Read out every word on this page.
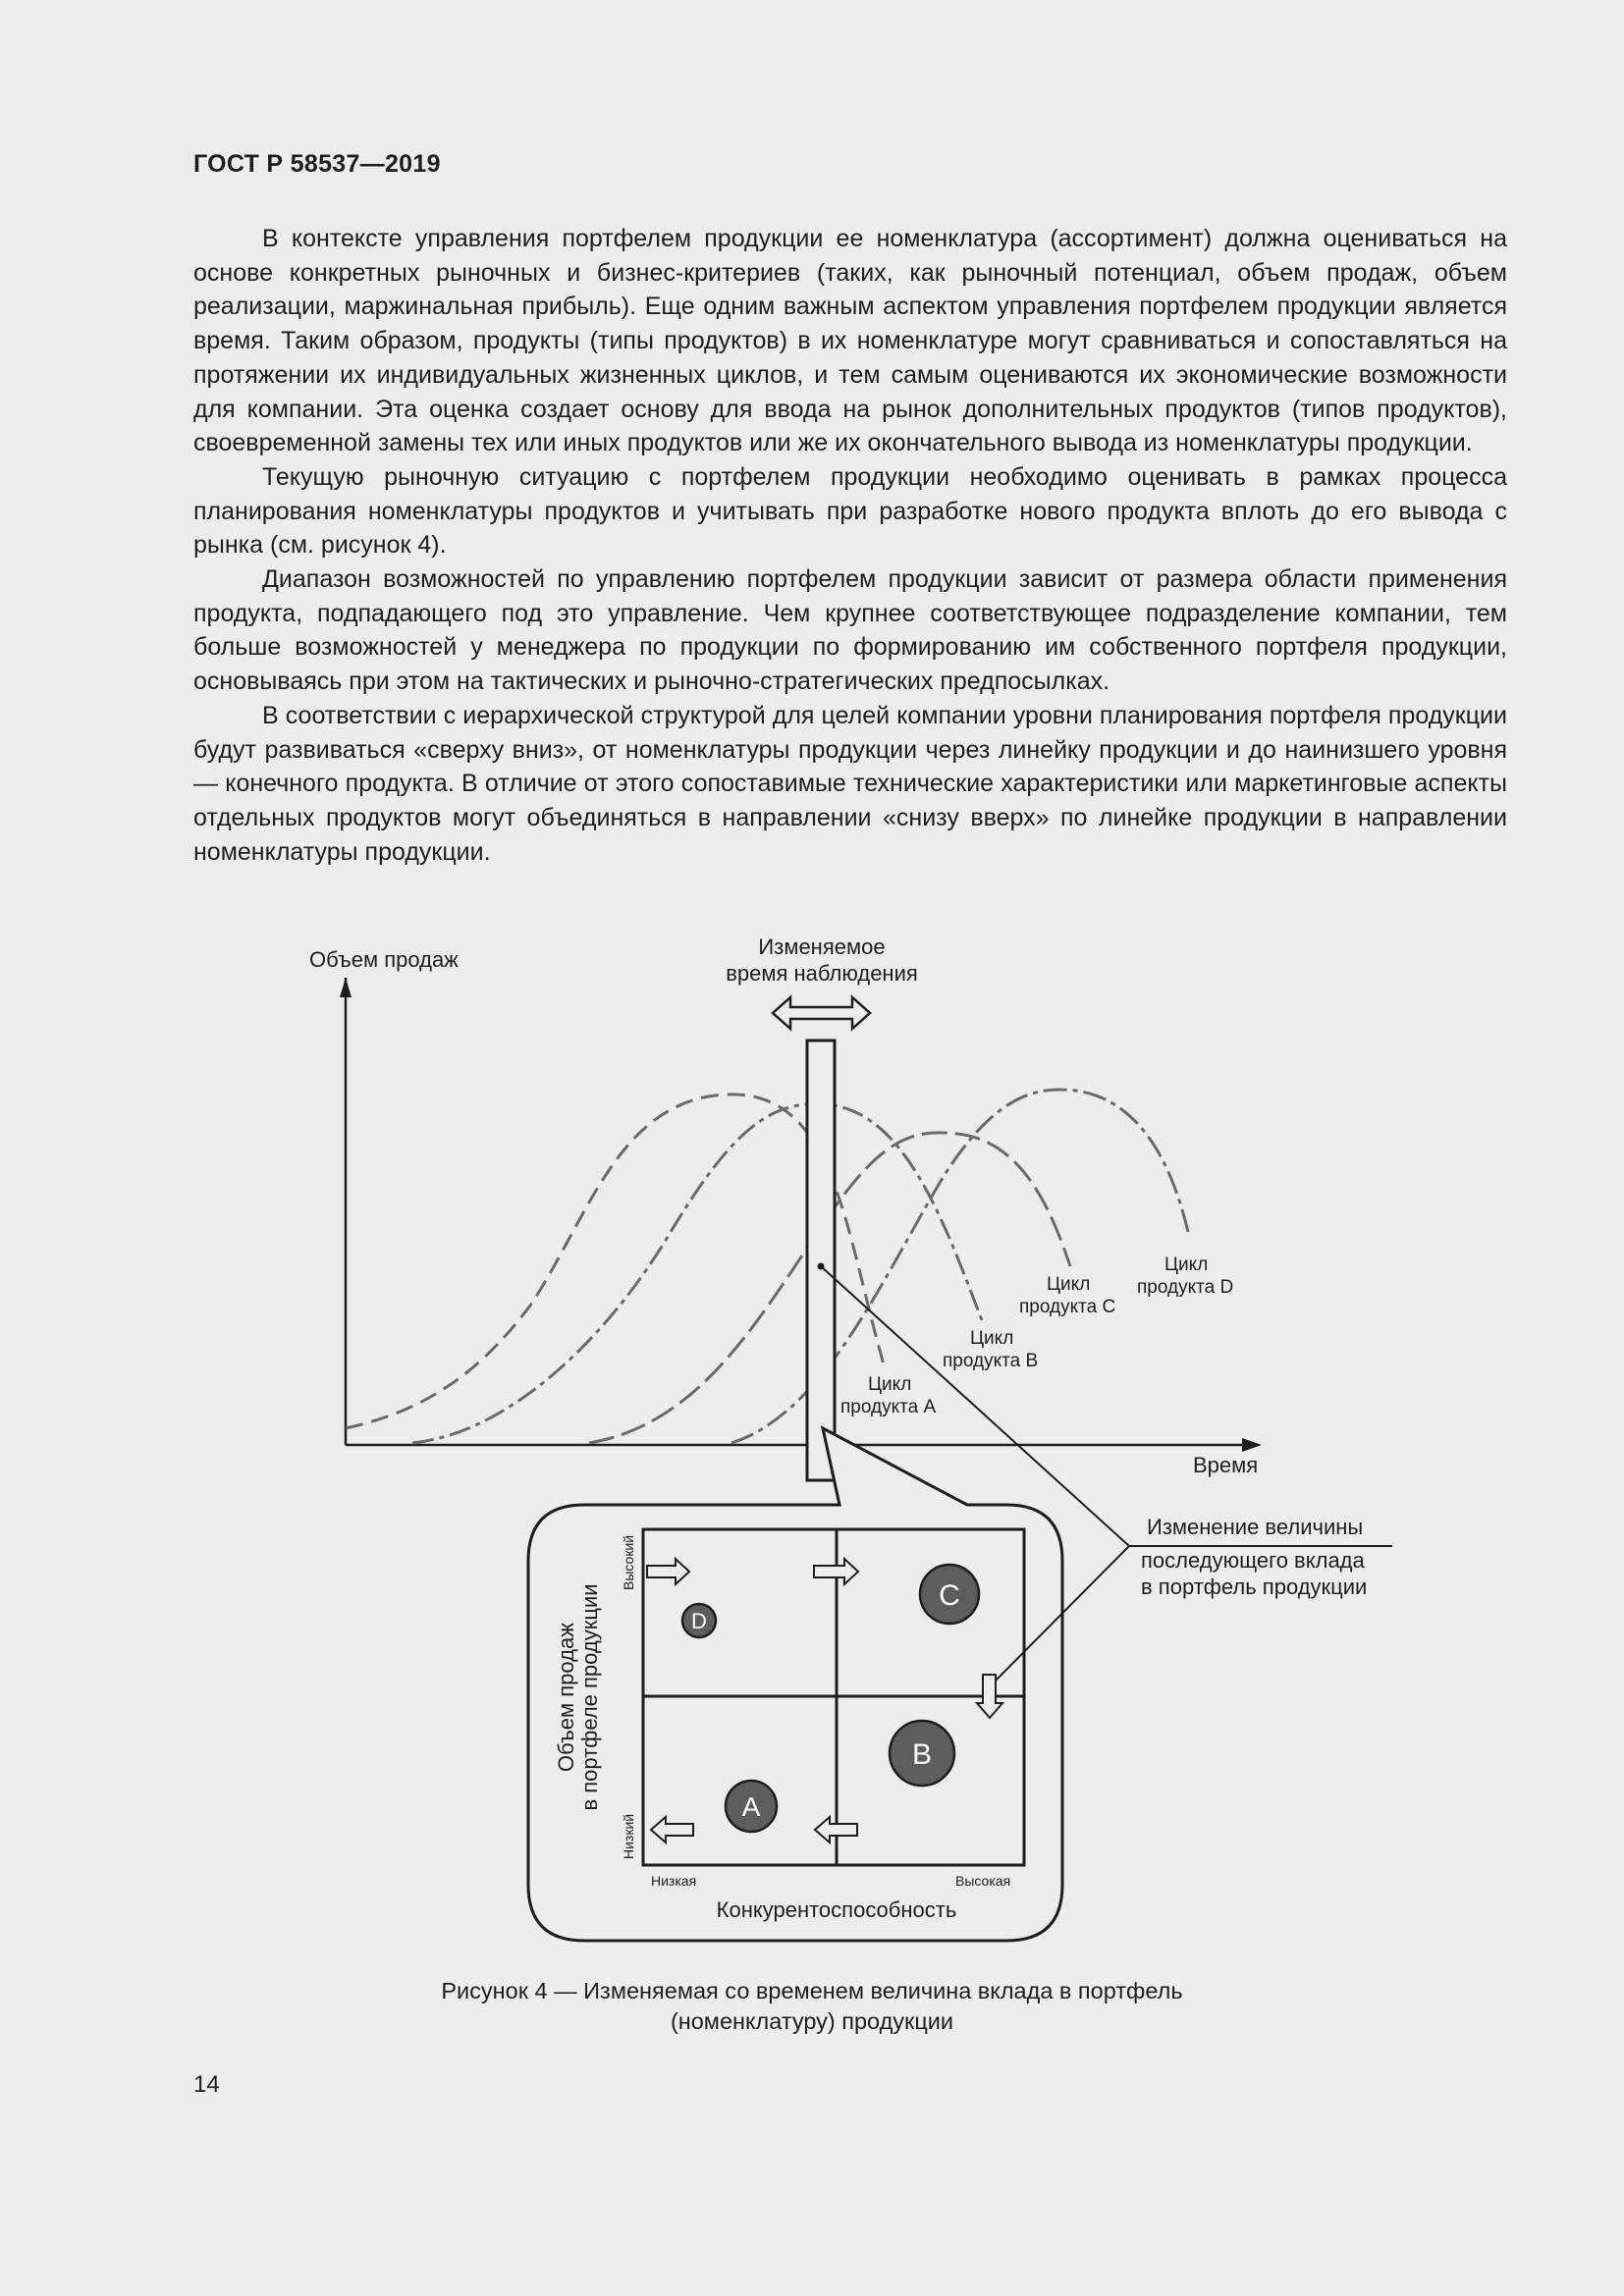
ГОСТ Р 58537—2019

В контексте управления портфелем продукции ее номенклатура (ассортимент) должна оцениваться на основе конкретных рыночных и бизнес-критериев (таких, как рыночный потенциал, объем продаж, объем реализации, маржинальная прибыль). Еще одним важным аспектом управления портфелем продукции является время. Таким образом, продукты (типы продуктов) в их номенклатуре могут сравниваться и сопоставляться на протяжении их индивидуальных жизненных циклов, и тем самым оцениваются их экономические возможности для компании. Эта оценка создает основу для ввода на рынок дополнительных продуктов (типов продуктов), своевременной замены тех или иных продуктов или же их окончательного вывода из номенклатуры продукции.

Текущую рыночную ситуацию с портфелем продукции необходимо оценивать в рамках процесса планирования номенклатуры продуктов и учитывать при разработке нового продукта вплоть до его вывода с рынка (см. рисунок 4).

Диапазон возможностей по управлению портфелем продукции зависит от размера области применения продукта, подпадающего под это управление. Чем крупнее соответствующее подразделение компании, тем больше возможностей у менеджера по продукции по формированию им собственного портфеля продукции, основываясь при этом на тактических и рыночно-стратегических предпосылках.

В соответствии с иерархической структурой для целей компании уровни планирования портфеля продукции будут развиваться «сверху вниз», от номенклатуры продукции через линейку продукции и до наинизшего уровня — конечного продукта. В отличие от этого сопоставимые технические характеристики или маркетинговые аспекты отдельных продуктов могут объединяться в направлении «снизу вверх» по линейке продукции в направлении номенклатуры продукции.

Объем продаж
Время
Изменяемое
время наблюдения
Цикл
продукта A
Цикл
продукта B
Цикл
продукта C
Цикл
продукта D
Изменение величины
последующего вклада
в портфель продукции
Высокий
Низкий
Низкая	Высокая
Конкурентоспособность
Объем продаж в портфеле продукции	C
B
A
D
Рисунок 4 — Изменяемая со временем величина вклада в портфель
(номенклатуру) продукции
14
